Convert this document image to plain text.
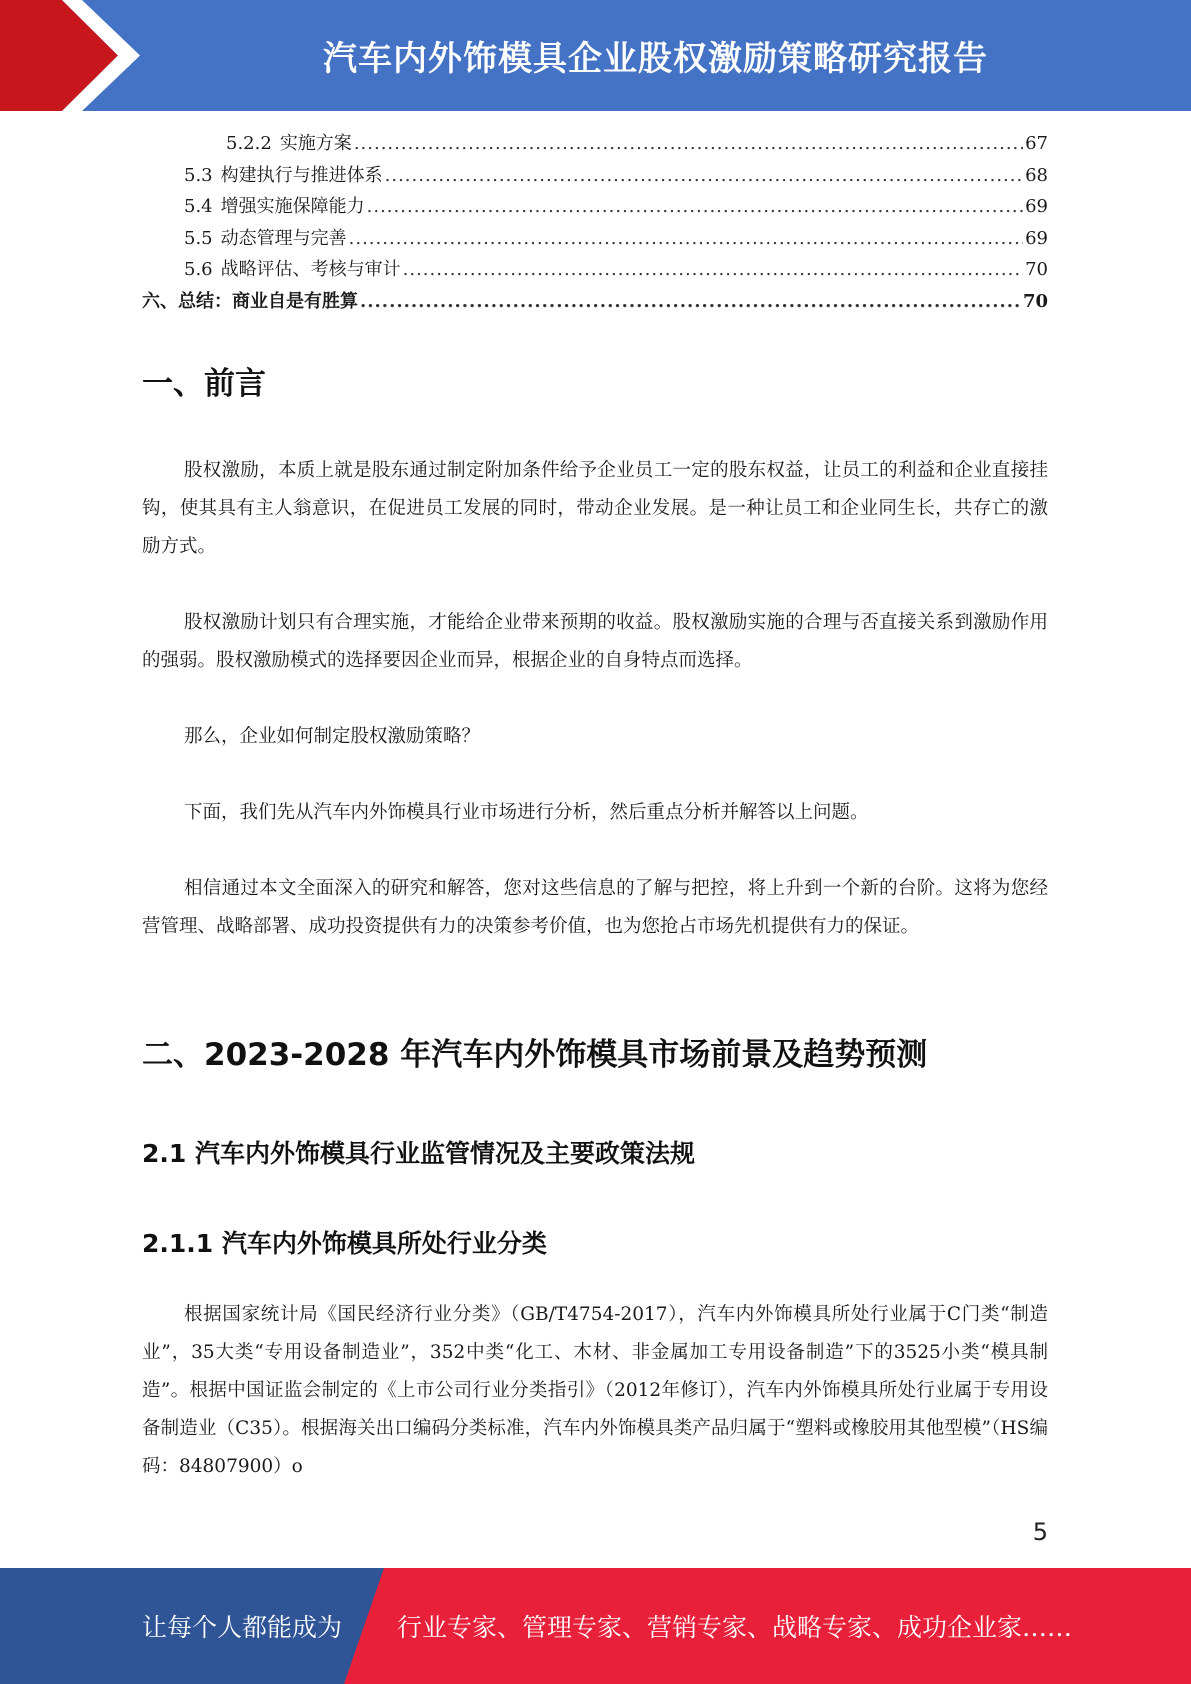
汽车内外饰模具企业股权激励策略研究报告
5.2.2 实施方案 .....	67
5.3 构建执行与推进体系 .....	68
5.4 增强实施保障能力 .....	69
5.5 动态管理与完善 .....	69
5.6 战略评估、考核与审计 .....	70
六、总结：商业自是有胜算 .....	70
一、前言

股权激励，本质上就是股东通过制定附加条件给予企业员工一定的股东权益，让员工的利益和企业直接挂钩，使其具有主人翁意识，在促进员工发展的同时，带动企业发展。是一种让员工和企业同生长，共存亡的激励方式。

股权激励计划只有合理实施，才能给企业带来预期的收益。股权激励实施的合理与否直接关系到激励作用的强弱。股权激励模式的选择要因企业而异，根据企业的自身特点而选择。

那么，企业如何制定股权激励策略？

下面，我们先从汽车内外饰模具行业市场进行分析，然后重点分析并解答以上问题。

相信通过本文全面深入的研究和解答，您对这些信息的了解与把控，将上升到一个新的台阶。这将为您经营管理、战略部署、成功投资提供有力的决策参考价值，也为您抢占市场先机提供有力的保证。

二、2023-2028 年汽车内外饰模具市场前景及趋势预测
2.1 汽车内外饰模具行业监管情况及主要政策法规
2.1.1 汽车内外饰模具所处行业分类

根据国家统计局《国民经济行业分类》（GB/T4754-2017），汽车内外饰模具所处行业属于C门类“制造业”，35大类“专用设备制造业”，352中类“化工、木材、非金属加工专用设备制造”下的3525小类“模具制造”。根据中国证监会制定的《上市公司行业分类指引》（2012年修订），汽车内外饰模具所处行业属于专用设备制造业（C35）。根据海关出口编码分类标准，汽车内外饰模具类产品归属于“塑料或橡胶用其他型模”（HS编码：84807900）o

5
让每个人都能成为 行业专家、管理专家、营销专家、战略专家、成功企业家……
